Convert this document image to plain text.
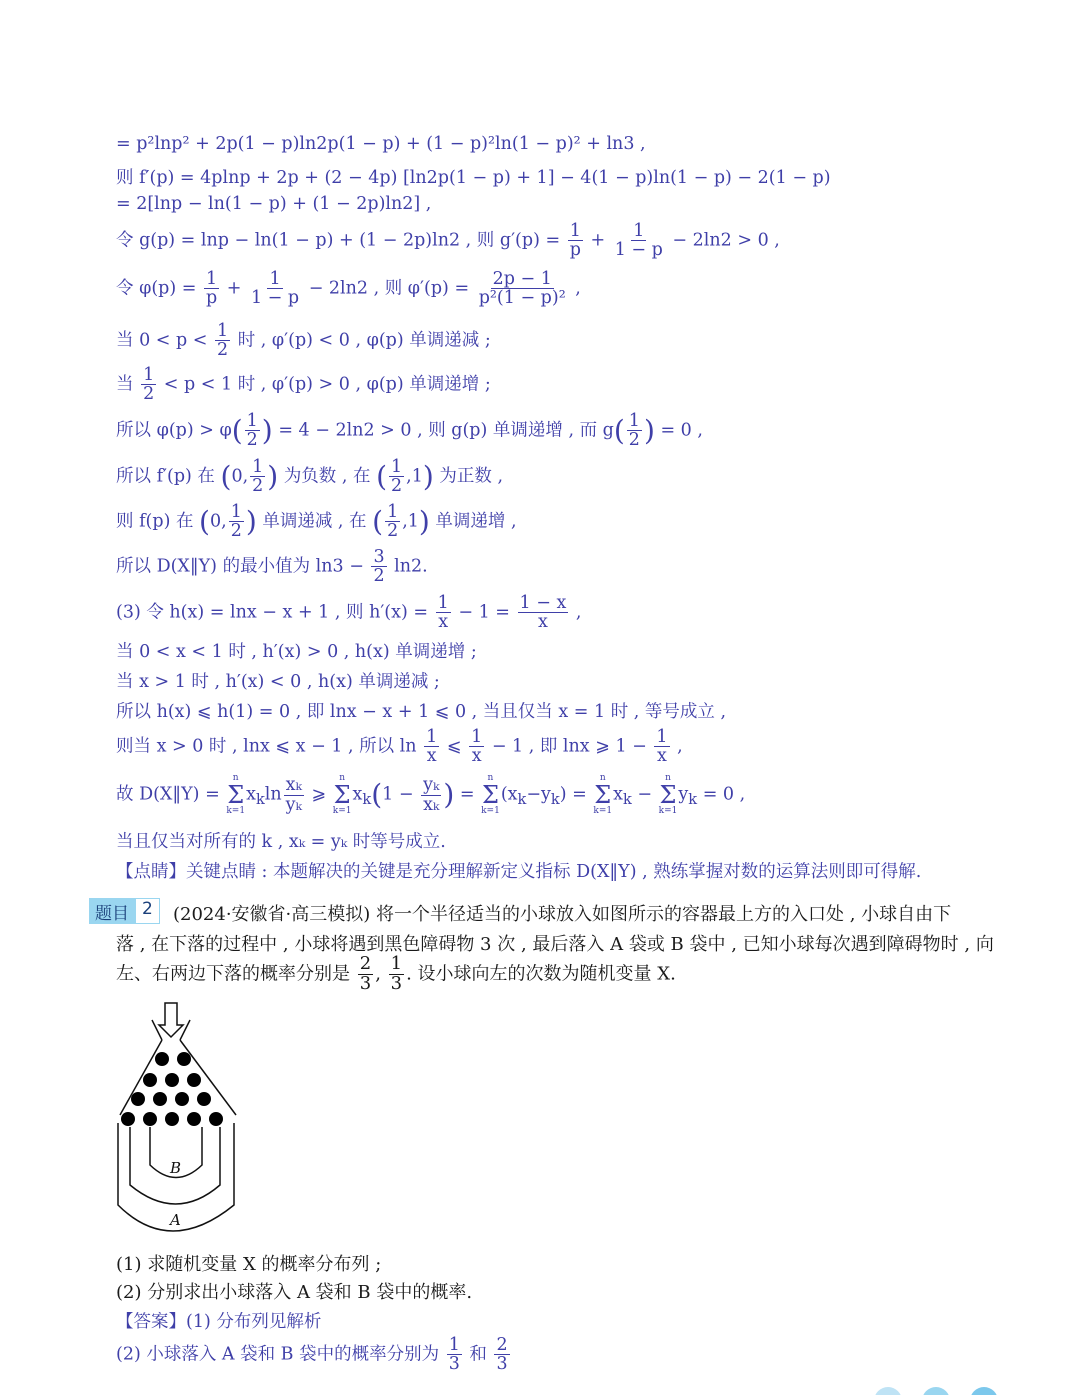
= p²lnp² + 2p(1 − p)ln2p(1 − p) + (1 − p)²ln(1 − p)² + ln3 ,
则 f′(p) = 4plnp + 2p + (2 − 4p) [ln2p(1 − p) + 1] − 4(1 − p)ln(1 − p) − 2(1 − p)
= 2[lnp − ln(1 − p) + (1 − 2p)ln2] ,
令 g(p) = lnp − ln(1 − p) + (1 − 2p)ln2 , 则 $g'(p) = \frac{1}{p} + \frac{1}{1 - p} - 2\ln 2 > 0$ ,
令 $\varphi(p) = \frac{1}{p} + \frac{1}{1 - p} - 2\ln 2$ , 则 $\varphi'(p) = \frac{2p - 1}{\text{p²(1 − p)²}}$ ,
当 $0 < p < \frac{1}{2}$ 时 , φ′(p) < 0 , φ(p) 单调递减 ;
当 $\frac{1}{2} < p < 1$ 时 , φ′(p) > 0 , φ(p) 单调递增 ;
所以 $\varphi(p) > \varphi( \frac{1}{2}$ ) = 4 − 2ln2 > 0 , 则 g(p) 单调递增 , 而 $g( \frac{1}{2}$ ) = 0 ,
所以 f′(p) 在 (0, $\frac{1}{2}$ ) 为负数 , 在 ( $\frac{1}{2} ,1$) 为正数 ,
则 f(p) 在 (0, $\frac{1}{2}$ ) 单调递减 , 在 ( $\frac{1}{2} ,1$) 单调递增 ,
所以 D(X‖Y) 的最小值为 $\ln 3 - \frac{3}{2} \ln 2$.
(3) 令 h(x) = lnx − x + 1 , 则 $h'(x) = \frac{1}{x} - 1 = \frac{1 - x}{x}$ ,
当 0 < x < 1 时 , h′(x) > 0 , h(x) 单调递增 ;
当 x > 1 时 , h′(x) < 0 , h(x) 单调递减 ;
所以 h(x) ⩽ h(1) = 0 , 即 lnx − x + 1 ⩽ 0 , 当且仅当 x = 1 时 , 等号成立 ,
则当 x > 0 时 , lnx ⩽ x − 1 , 所以 $\ln \frac{1}{x}$ ⩽ $\frac{1}{x} - 1$ , 即 lnx ⩾ $1 - \frac{1}{x}$ ,
故 D(X‖Y) =
n
Σ
k=1
$x_k\ln \frac{\text{xₖ}}{\text{yₖ}}$ ⩾
n
Σ
k=1
$x_k(1 - \frac{\text{yₖ}}{\text{xₖ}}$ ) =
n
Σ
k=1
$(x_k-y_k)$ =
n
Σ
k=1
$x_k$ −
n
Σ
k=1
$y_k = 0$ ,
当且仅当对所有的 k , xₖ = yₖ 时等号成立.
【点睛】关键点睛 : 本题解决的关键是充分理解新定义指标 D(X‖Y) , 熟练掌握对数的运算法则即可得解.
题目 2	(2024·安徽省·高三模拟) 将一个半径适当的小球放入如图所示的容器最上方的入口处 , 小球自由下
落 , 在下落的过程中 , 小球将遇到黑色障碍物 3 次 , 最后落入 A 袋或 B 袋中 , 已知小球每次遇到障碍物时 , 向
左、右两边下落的概率分别是 $\frac{2}{3}$ , $\frac{1}{3}$ . 设小球向左的次数为随机变量 X.
B
A
(1) 求随机变量 X 的概率分布列 ;
(2) 分别求出小球落入 A 袋和 B 袋中的概率.
【答案】(1) 分布列见解析
(2) 小球落入 A 袋和 B 袋中的概率分别为 $\frac{1}{3}$ 和 $\frac{2}{3}$
